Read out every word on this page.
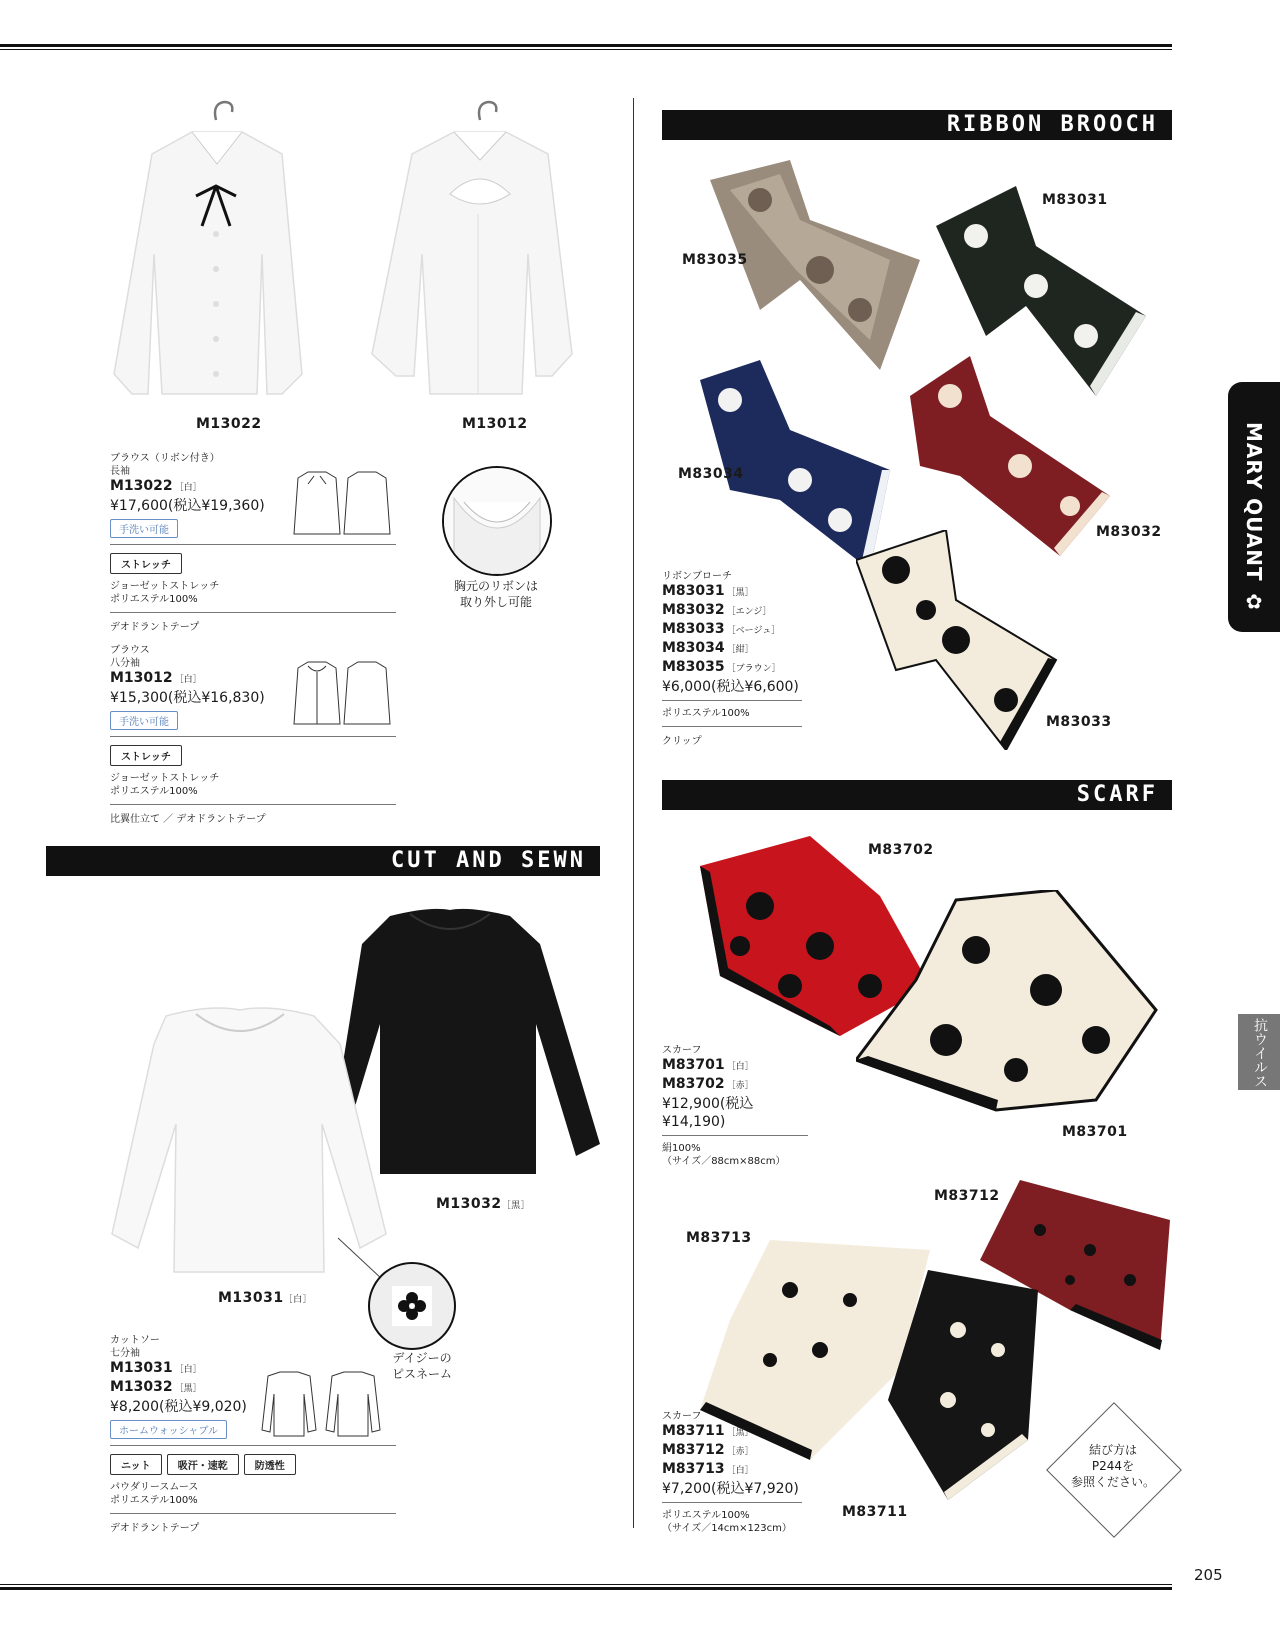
M13022	M13012
ブラウス（リボン付き）
長袖
M13022 ［白］
¥17,600(税込¥19,360)
手洗い可能
ストレッチ
ジョーゼットストレッチ
ポリエステル100%
デオドラントテープ
胸元のリボンは
取り外し可能
ブラウス
八分袖
M13012 ［白］
¥15,300(税込¥16,830)
手洗い可能
ストレッチ
ジョーゼットストレッチ
ポリエステル100%
比翼仕立て ／ デオドラントテープ
CUT AND SEWN
M13032［黒］
M13031［白］
デイジーの
ピスネーム
カットソー
七分袖
M13031 ［白］
M13032 ［黒］
¥8,200(税込¥9,020)
ホームウォッシャブル
ニット	吸汗・速乾	防透性
パウダリースムース
ポリエステル100%
デオドラントテープ
RIBBON BROOCH
M83035
M83031
M83034
M83032
M83033
リボンブローチ
M83031 ［黒］
M83032 ［エンジ］
M83033 ［ベージュ］
M83034 ［紺］
M83035 ［ブラウン］
¥6,000(税込¥6,600)
ポリエステル100%
クリップ
SCARF
M83702
M83701
スカーフ
M83701 ［白］
M83702 ［赤］
¥12,900(税込¥14,190)
絹100%
（サイズ／88cm×88cm）
M83712
M83713
M83711
結び方は
P244を
参照ください。
スカーフ
M83711 ［黒］
M83712 ［赤］
M83713 ［白］
¥7,200(税込¥7,920)
ポリエステル100%
（サイズ／14cm×123cm）
MARY QUANT ✿
抗ウイルス
205
